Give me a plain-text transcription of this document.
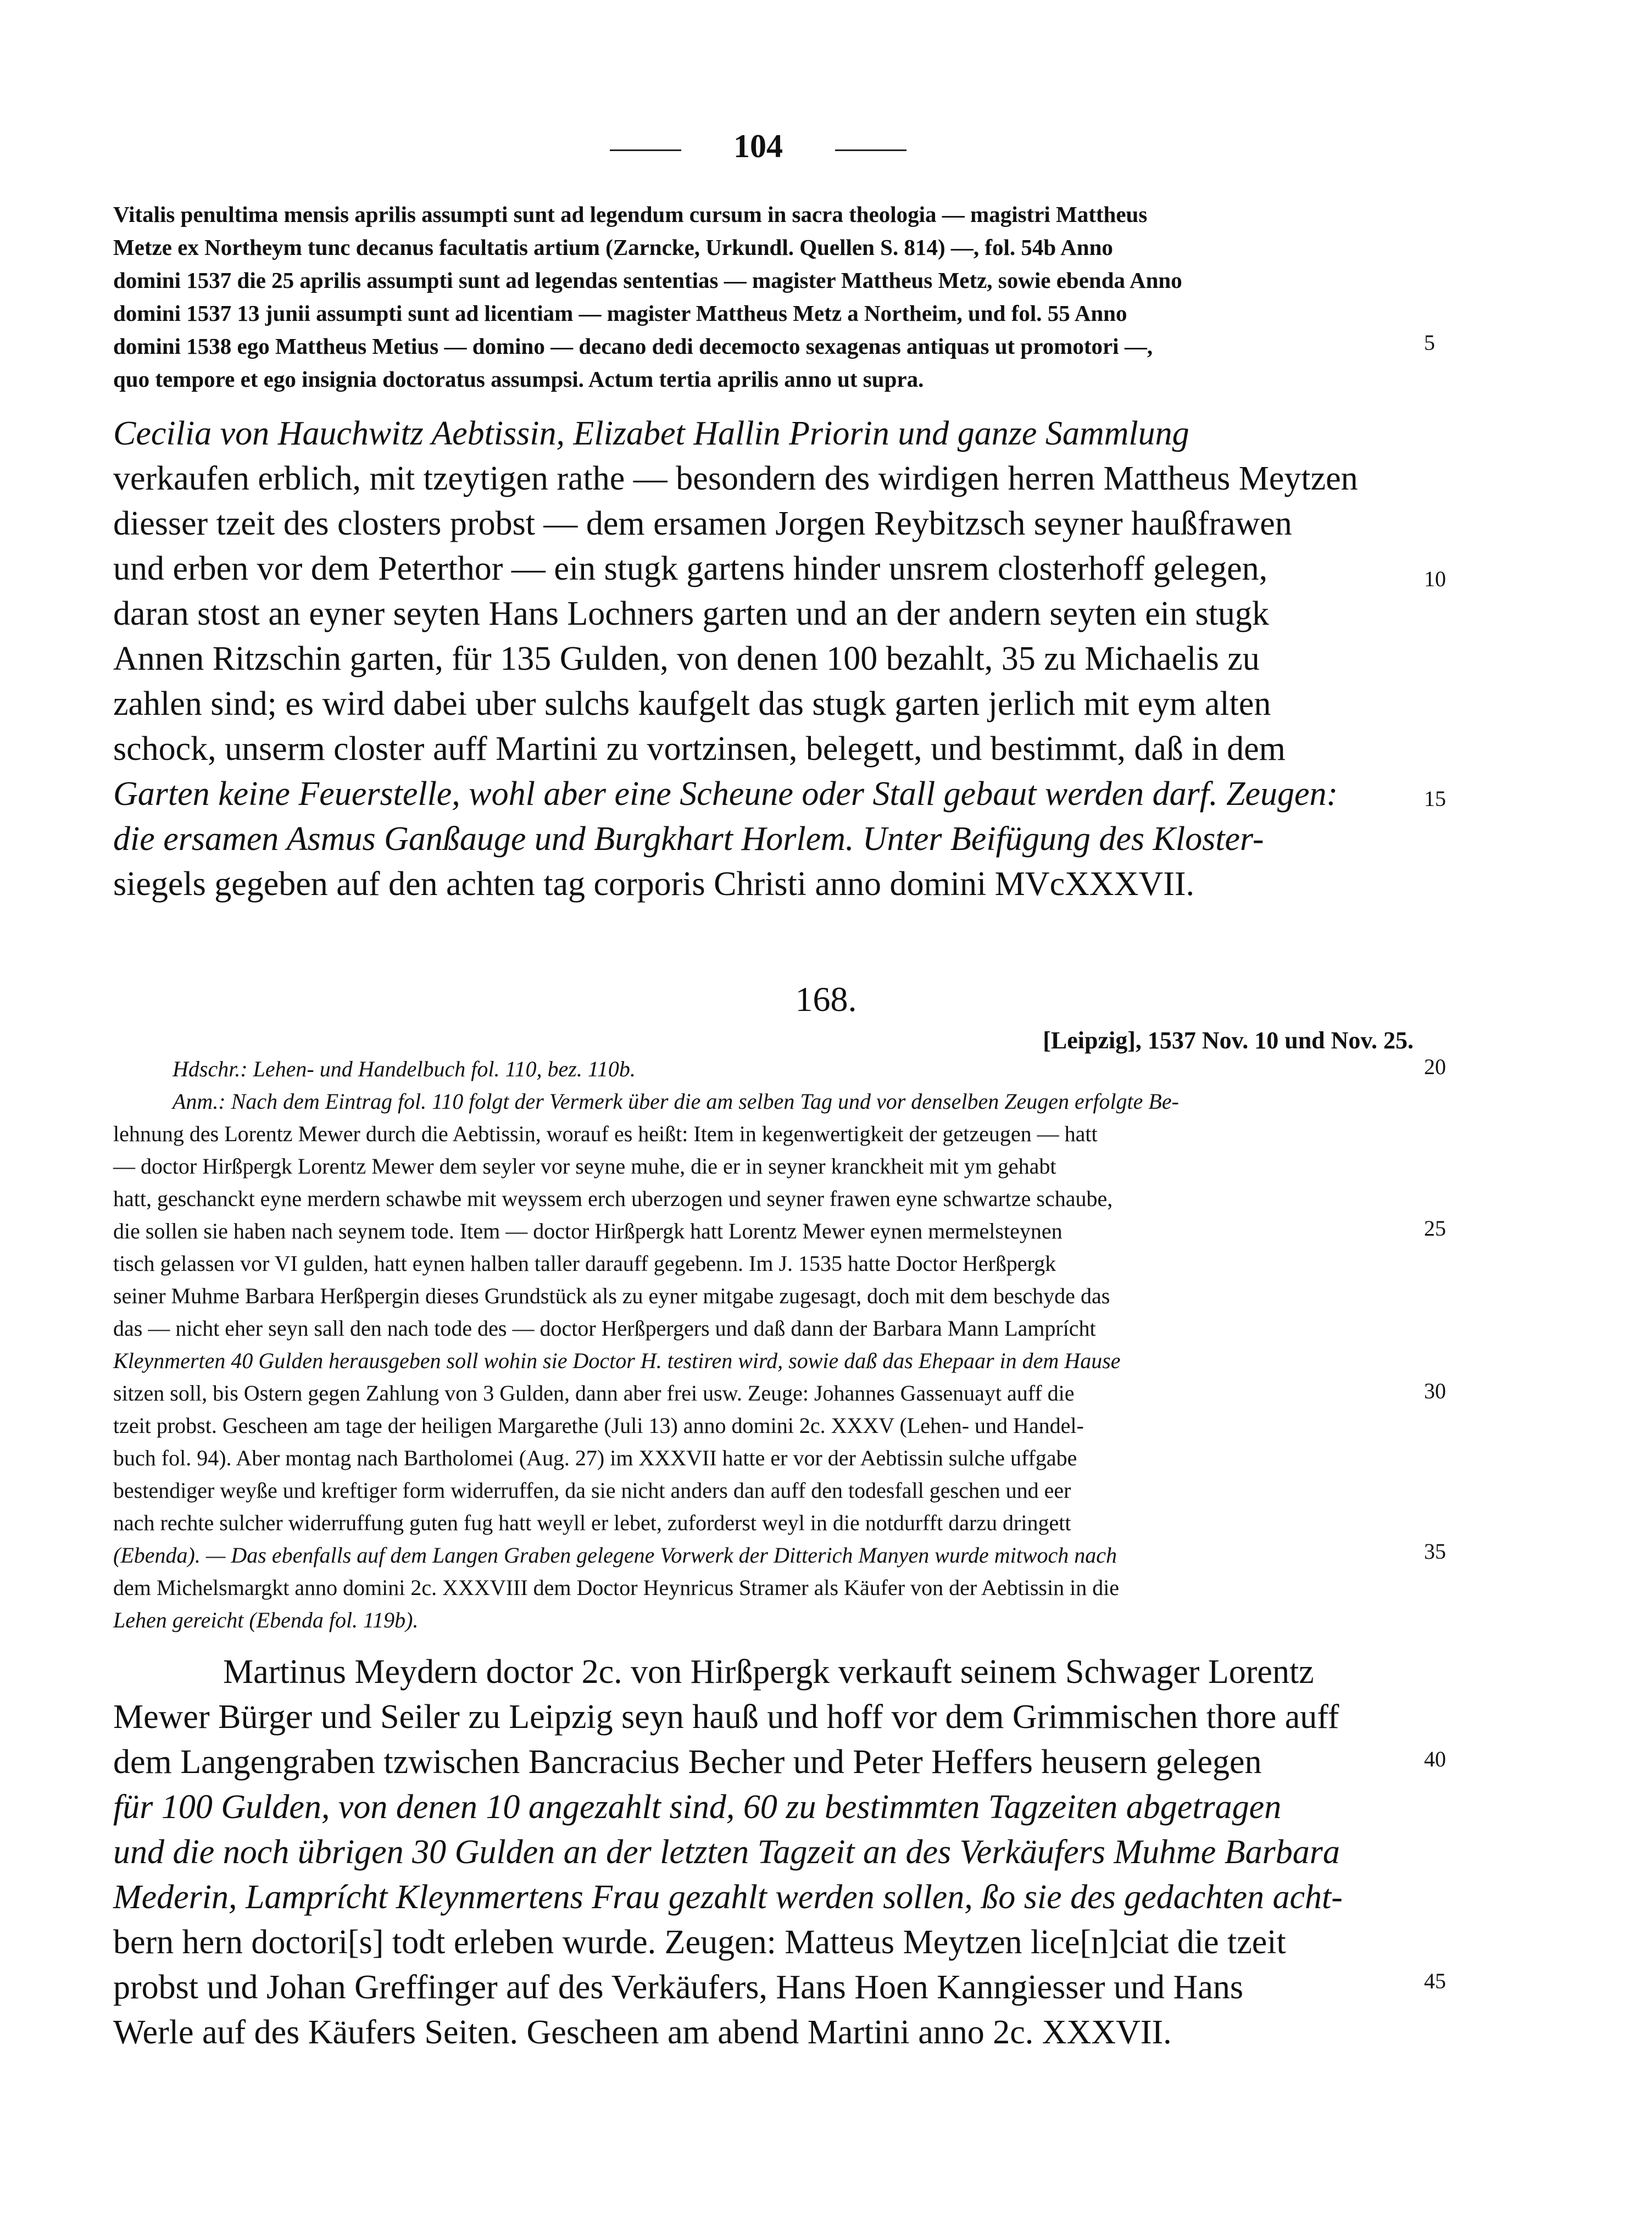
104
Vitalis penultima mensis aprilis assumpti sunt ad legendum cursum in sacra theologia — magistri Mattheus
Metze ex Northeym tunc decanus facultatis artium (Zarncke, Urkundl. Quellen S. 814) —, fol. 54b Anno
domini 1537 die 25 aprilis assumpti sunt ad legendas sententias — magister Mattheus Metz, sowie ebenda Anno
domini 1537 13 junii assumpti sunt ad licentiam — magister Mattheus Metz a Northeim, und fol. 55 Anno
domini 1538 ego Mattheus Metius — domino — decano dedi decemocto sexagenas antiquas ut promotori —,
quo tempore et ego insignia doctoratus assumpsi. Actum tertia aprilis anno ut supra.
Cecilia von Hauchwitz Aebtissin, Elizabet Hallin Priorin und ganze Sammlung
verkaufen erblich, mit tzeytigen rathe — besondern des wirdigen herren Mattheus Meytzen
diesser tzeit des closters probst — dem ersamen Jorgen Reybitzsch seyner haußfrawen
und erben vor dem Peterthor — ein stugk gartens hinder unsrem closterhoff gelegen,
daran stost an eyner seyten Hans Lochners garten und an der andern seyten ein stugk
Annen Ritzschin garten, für 135 Gulden, von denen 100 bezahlt, 35 zu Michaelis zu
zahlen sind; es wird dabei uber sulchs kaufgelt das stugk garten jerlich mit eym alten
schock, unserm closter auff Martini zu vortzinsen, belegett, und bestimmt, daß in dem
Garten keine Feuerstelle, wohl aber eine Scheune oder Stall gebaut werden darf. Zeugen:
die ersamen Asmus Ganßauge und Burgkhart Horlem. Unter Beifügung des Kloster-
siegels gegeben auf den achten tag corporis Christi anno domini MVcXXXVII.
168.
[Leipzig], 1537 Nov. 10 und Nov. 25.
Hdschr.: Lehen- und Handelbuch fol. 110, bez. 110b.
Anm.: Nach dem Eintrag fol. 110 folgt der Vermerk über die am selben Tag und vor denselben Zeugen erfolgte Be-
lehnung des Lorentz Mewer durch die Aebtissin, worauf es heißt: Item in kegenwertigkeit der getzeugen — hatt
— doctor Hirßpergk Lorentz Mewer dem seyler vor seyne muhe, die er in seyner kranckheit mit ym gehabt
hatt, geschanckt eyne merdern schawbe mit weyssem erch uberzogen und seyner frawen eyne schwartze schaube,
die sollen sie haben nach seynem tode. Item — doctor Hirßpergk hatt Lorentz Mewer eynen mermelsteynen
tisch gelassen vor VI gulden, hatt eynen halben taller darauff gegebenn. Im J. 1535 hatte Doctor Herßpergk
seiner Muhme Barbara Herßpergin dieses Grundstück als zu eyner mitgabe zugesagt, doch mit dem beschyde das
das — nicht eher seyn sall den nach tode des — doctor Herßpergers und daß dann der Barbara Mann Lamprícht
Kleynmerten 40 Gulden herausgeben soll wohin sie Doctor H. testiren wird, sowie daß das Ehepaar in dem Hause
sitzen soll, bis Ostern gegen Zahlung von 3 Gulden, dann aber frei usw. Zeuge: Johannes Gassenuayt auff die
tzeit probst. Gescheen am tage der heiligen Margarethe (Juli 13) anno domini 2c. XXXV (Lehen- und Handel-
buch fol. 94). Aber montag nach Bartholomei (Aug. 27) im XXXVII hatte er vor der Aebtissin sulche uffgabe
bestendiger weyße und kreftiger form widerruffen, da sie nicht anders dan auff den todesfall geschen und eer
nach rechte sulcher widerruffung guten fug hatt weyll er lebet, zuforderst weyl in die notdurfft darzu dringett
(Ebenda). — Das ebenfalls auf dem Langen Graben gelegene Vorwerk der Ditterich Manyen wurde mitwoch nach
dem Michelsmargkt anno domini 2c. XXXVIII dem Doctor Heynricus Stramer als Käufer von der Aebtissin in die
Lehen gereicht (Ebenda fol. 119b).
Martinus Meydern doctor 2c. von Hirßpergk verkauft seinem Schwager Lorentz
Mewer Bürger und Seiler zu Leipzig seyn hauß und hoff vor dem Grimmischen thore auff
dem Langengraben tzwischen Bancracius Becher und Peter Heffers heusern gelegen
für 100 Gulden, von denen 10 angezahlt sind, 60 zu bestimmten Tagzeiten abgetragen
und die noch übrigen 30 Gulden an der letzten Tagzeit an des Verkäufers Muhme Barbara
Mederin, Lamprícht Kleynmertens Frau gezahlt werden sollen, ßo sie des gedachten acht-
bern hern doctori[s] todt erleben wurde. Zeugen: Matteus Meytzen lice[n]ciat die tzeit
probst und Johan Greffinger auf des Verkäufers, Hans Hoen Kanngiesser und Hans
Werle auf des Käufers Seiten. Gescheen am abend Martini anno 2c. XXXVII.
5
10
15
20
25
30
35
40
45
